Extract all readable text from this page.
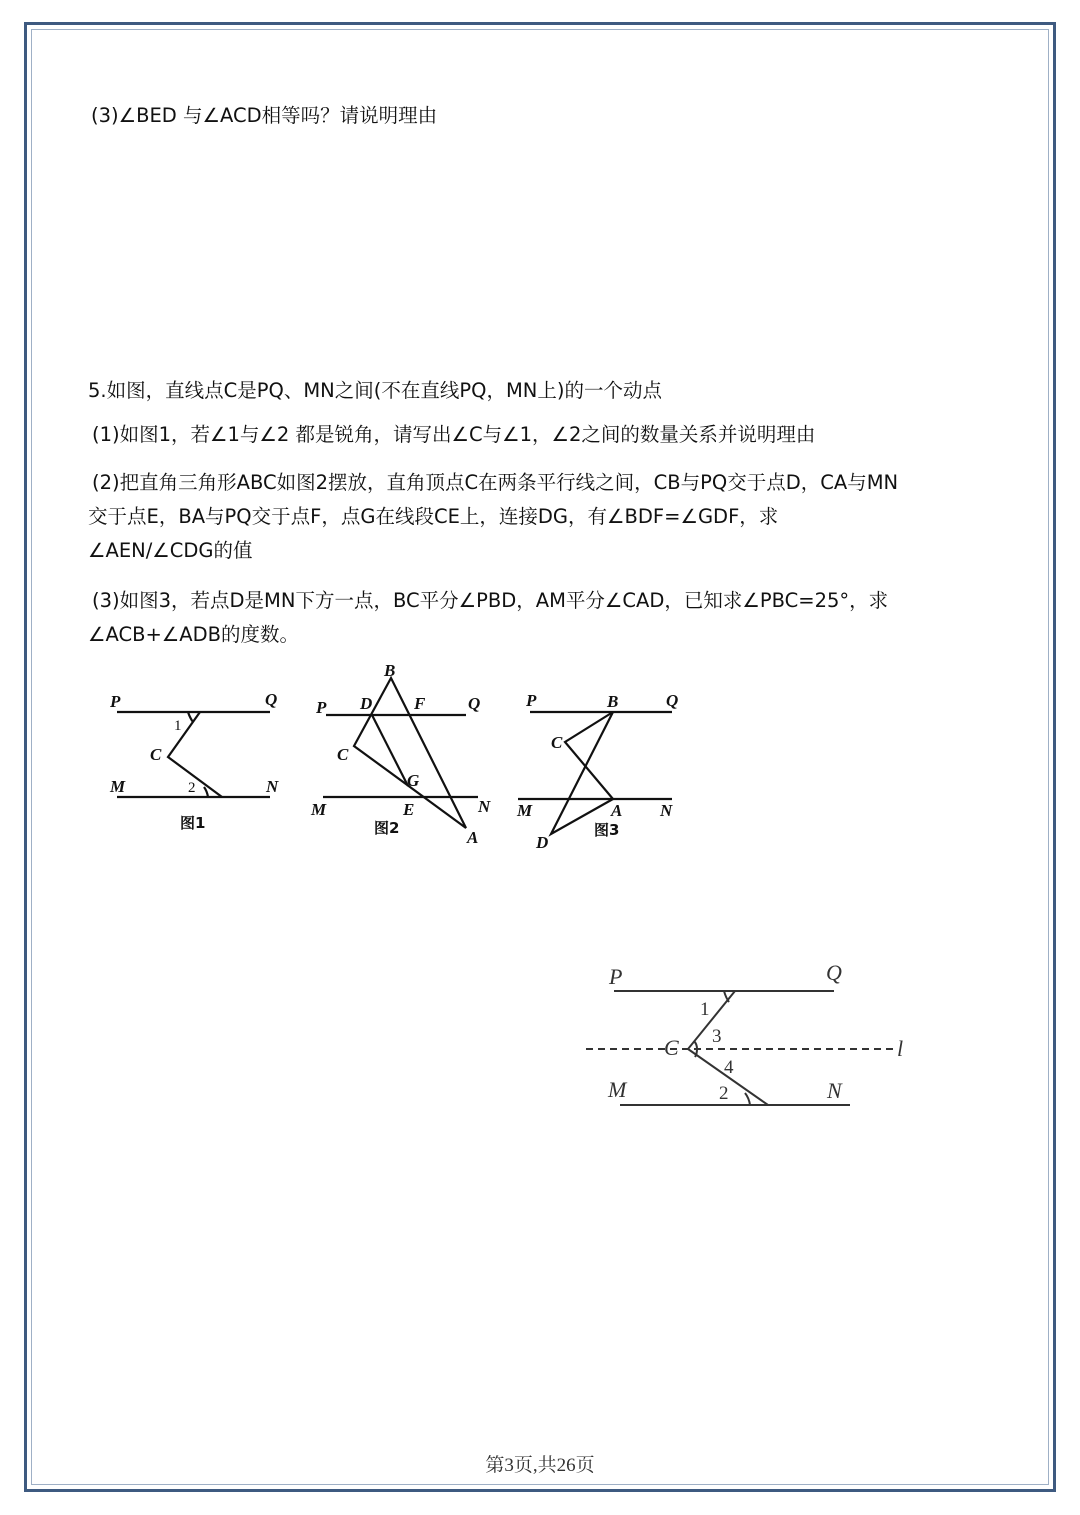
(3)∠BED 与∠ACD相等吗？请说明理由
5.如图，直线点C是PQ、MN之间(不在直线PQ，MN上)的一个动点
(1)如图1，若∠1与∠2 都是锐角，请写出∠C与∠1，∠2之间的数量关系并说明理由
(2)把直角三角形ABC如图2摆放，直角顶点C在两条平行线之间，CB与PQ交于点D，CA与MN
交于点E，BA与PQ交于点F，点G在线段CE上，连接DG，有∠BDF=∠GDF，求
∠AEN/∠CDG的值
(3)如图3，若点D是MN下方一点，BC平分∠PBD，AM平分∠CAD，已知求∠PBC=25°，求
∠ACB+∠ADB的度数。
P	Q
1
C
M	2	N
图1
B
P D F	Q
C
G
M	E	N
A
图2
P	B	Q
C
M	A N
D
图3
P	Q
1
3
C
4
l
M	2	N
第3页,共26页
